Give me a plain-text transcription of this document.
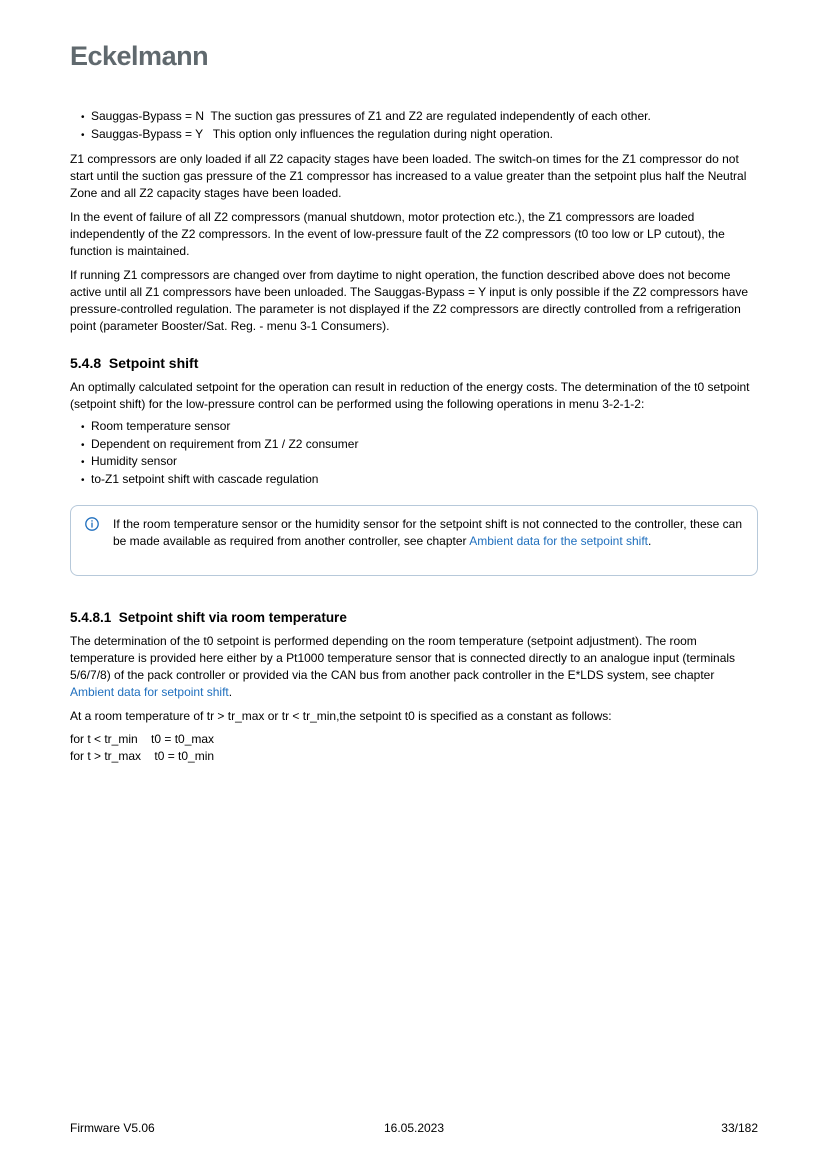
Eckelmann
• Sauggas-Bypass = N  The suction gas pressures of Z1 and Z2 are regulated independently of each other.
• Sauggas-Bypass = Y   This option only influences the regulation during night operation.

Z1 compressors are only loaded if all Z2 capacity stages have been loaded. The switch-on times for the Z1 compressor do not start until the suction gas pressure of the Z1 compressor has increased to a value greater than the setpoint plus half the Neutral Zone and all Z2 capacity stages have been loaded.

In the event of failure of all Z2 compressors (manual shutdown, motor protection etc.), the Z1 compressors are loaded independently of the Z2 compressors. In the event of low-pressure fault of the Z2 compressors (t0 too low or LP cutout), the function is maintained.

If running Z1 compressors are changed over from daytime to night operation, the function described above does not become active until all Z1 compressors have been unloaded. The Sauggas-Bypass = Y input is only possible if the Z2 compressors have pressure-controlled regulation. The parameter is not displayed if the Z2 compressors are directly controlled from a refrigeration point (parameter Booster/Sat. Reg. - menu 3-1 Consumers).

5.4.8  Setpoint shift

An optimally calculated setpoint for the operation can result in reduction of the energy costs. The determination of the t0 setpoint (setpoint shift) for the low-pressure control can be performed using the following operations in menu 3-2-1-2:

• Room temperature sensor
• Dependent on requirement from Z1 / Z2 consumer
• Humidity sensor
• to-Z1 setpoint shift with cascade regulation
If the room temperature sensor or the humidity sensor for the setpoint shift is not connected to the controller, these can be made available as required from another controller, see chapter Ambient data for the setpoint shift.
5.4.8.1  Setpoint shift via room temperature

The determination of the t0 setpoint is performed depending on the room temperature (setpoint adjustment). The room temperature is provided here either by a Pt1000 temperature sensor that is connected directly to an analogue input (terminals 5/6/7/8) of the pack controller or provided via the CAN bus from another pack controller in the E*LDS system, see chapter Ambient data for setpoint shift.

At a room temperature of tr > tr_max or tr < tr_min,the setpoint t0 is specified as a constant as follows:

for t < tr_min    t0 = t0_max
for t > tr_max    t0 = t0_min
Firmware V5.06	16.05.2023	33/182
